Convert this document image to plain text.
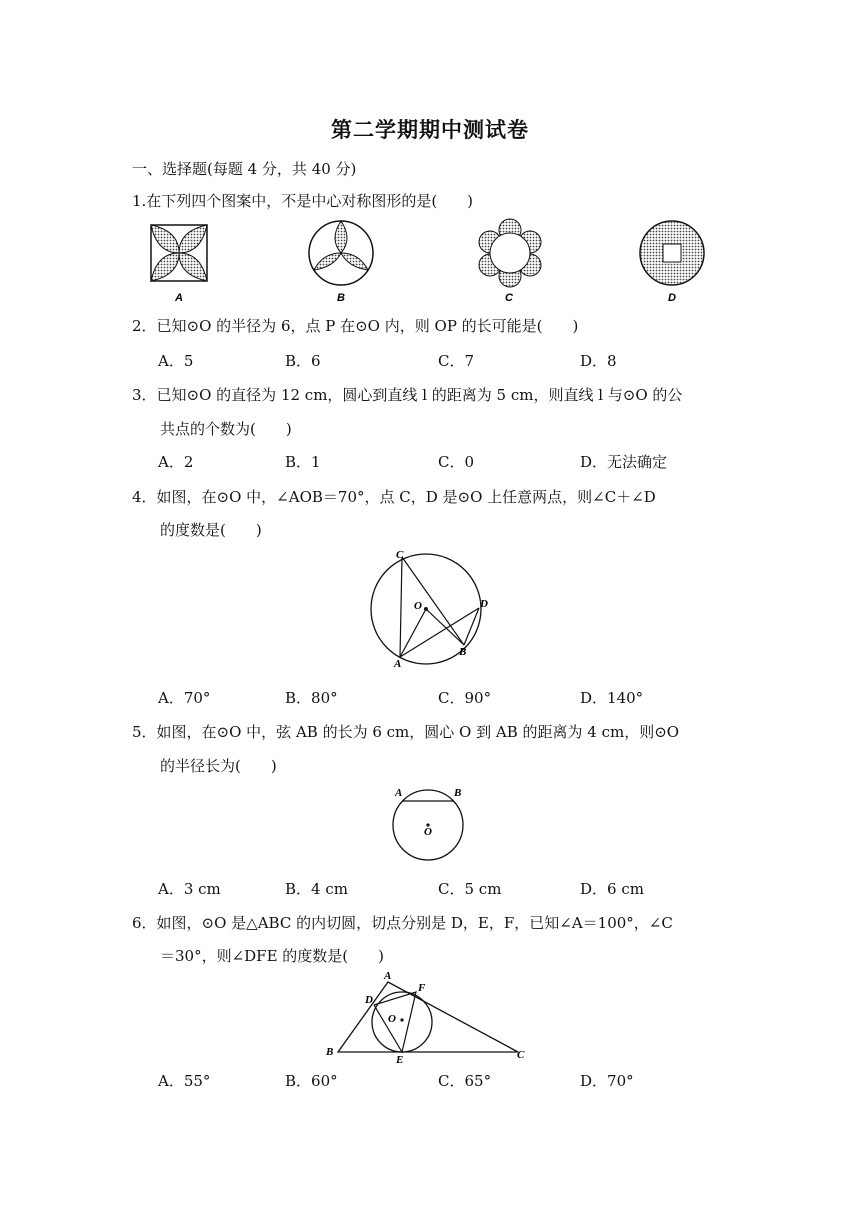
第二学期期中测试卷
一、选择题(每题 4 分，共 40 分)
1.在下列四个图案中，不是中心对称图形的是(　　)
A	B	C	D
2．已知⊙O 的半径为 6，点 P 在⊙O 内，则 OP 的长可能是(　　)
A．5	B．6	C．7	D．8
3．已知⊙O 的直径为 12 cm，圆心到直线 l 的距离为 5 cm，则直线 l 与⊙O 的公
共点的个数为(　　)
A．2	B．1	C．0	D．无法确定
4．如图，在⊙O 中，∠AOB＝70°，点 C，D 是⊙O 上任意两点，则∠C＋∠D
的度数是(　　)
C
O	D
A
B
A．70°	B．80°	C．90°	D．140°
5．如图，在⊙O 中，弦 AB 的长为 6 cm，圆心 O 到 AB 的距离为 4 cm，则⊙O
的半径长为(　　)
A	B
O
A．3 cm	B．4 cm	C．5 cm	D．6 cm
6．如图，⊙O 是△ABC 的内切圆，切点分别是 D，E，F，已知∠A＝100°，∠C
＝30°，则∠DFE 的度数是(　　)
A
D
F
O
B
E	C
A．55°	B．60°	C．65°	D．70°
